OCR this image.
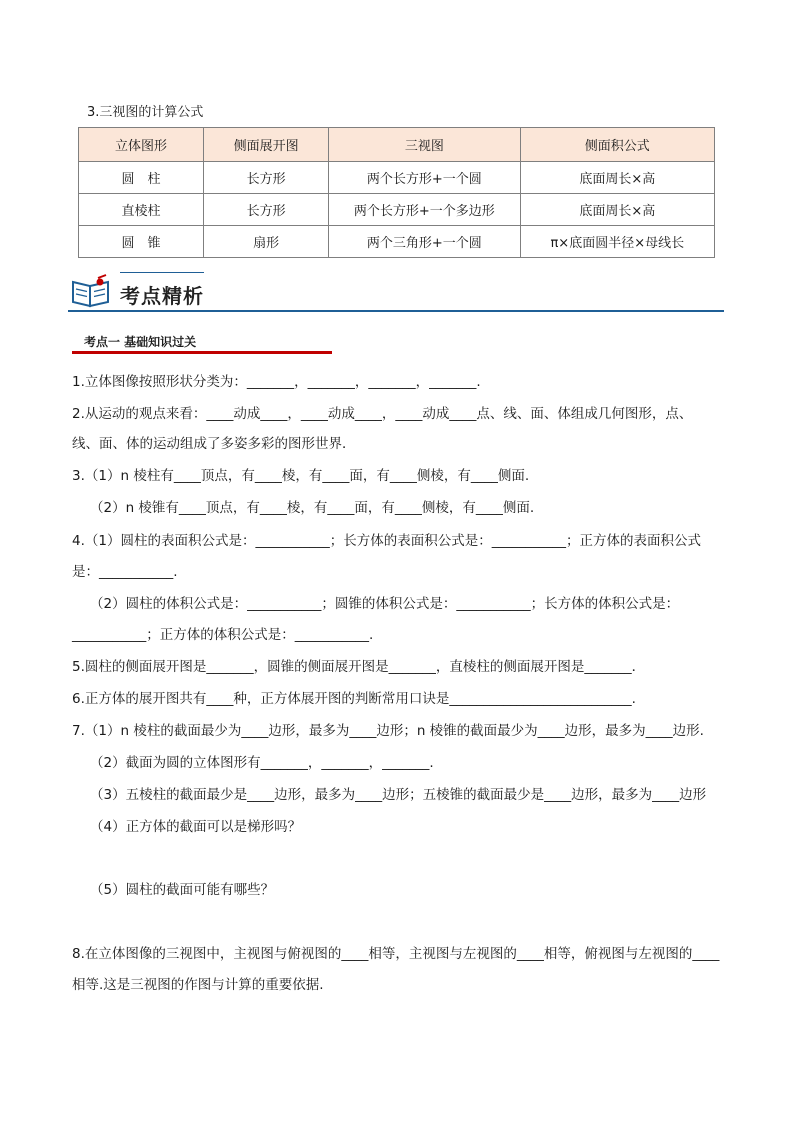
3.三视图的计算公式
立体图形	侧面展开图	三视图	侧面积公式
圆　柱	长方形	两个长方形+一个圆	底面周长×高
直棱柱	长方形	两个长方形+一个多边形	底面周长×高
圆　锥	扇形	两个三角形+一个圆	π×底面圆半径×母线长
考点精析
考点一 基础知识过关
1.立体图像按照形状分类为：_______，_______，_______，_______.
2.从运动的观点来看：____动成____，____动成____，____动成____点、线、面、体组成几何图形，点、
线、面、体的运动组成了多姿多彩的图形世界．
3.（1）n 棱柱有____顶点，有____棱，有____面，有____侧棱，有____侧面.
（2）n 棱锥有____顶点，有____棱，有____面，有____侧棱，有____侧面.
4.（1）圆柱的表面积公式是：___________；长方体的表面积公式是：___________；正方体的表面积公式
是：___________.
（2）圆柱的体积公式是：___________；圆锥的体积公式是：___________；长方体的体积公式是：
___________；正方体的体积公式是：___________.
5.圆柱的侧面展开图是_______，圆锥的侧面展开图是_______，直棱柱的侧面展开图是_______．
6.正方体的展开图共有____种，正方体展开图的判断常用口诀是___________________________.
7.（1）n 棱柱的截面最少为____边形，最多为____边形；n 棱锥的截面最少为____边形，最多为____边形.
（2）截面为圆的立体图形有_______，_______，_______.
（3）五棱柱的截面最少是____边形，最多为____边形；五棱锥的截面最少是____边形，最多为____边形
（4）正方体的截面可以是梯形吗？
（5）圆柱的截面可能有哪些？
8.在立体图像的三视图中，主视图与俯视图的____相等，主视图与左视图的____相等，俯视图与左视图的____
相等.这是三视图的作图与计算的重要依据.
